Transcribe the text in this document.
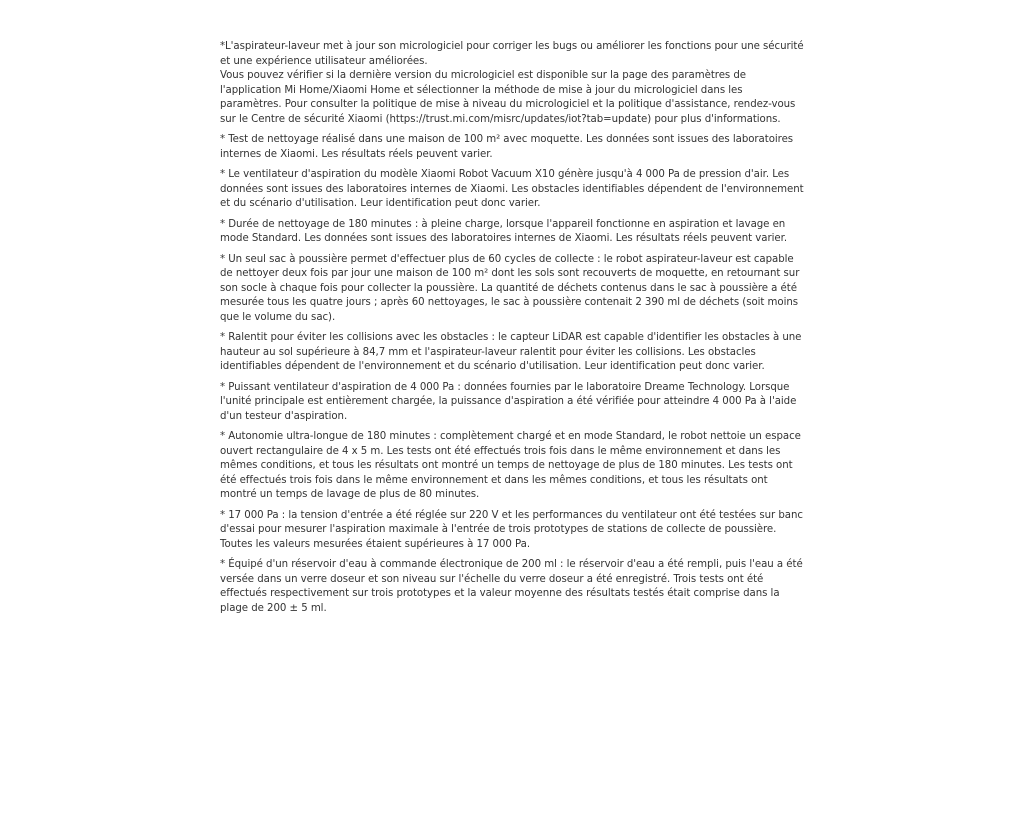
*L'aspirateur-laveur met à jour son micrologiciel pour corriger les bugs ou améliorer les fonctions pour une sécurité et une expérience utilisateur améliorées.
Vous pouvez vérifier si la dernière version du micrologiciel est disponible sur la page des paramètres de l'application Mi Home/Xiaomi Home et sélectionner la méthode de mise à jour du micrologiciel dans les paramètres. Pour consulter la politique de mise à niveau du micrologiciel et la politique d'assistance, rendez-vous sur le Centre de sécurité Xiaomi (https://trust.mi.com/misrc/updates/iot?tab=update) pour plus d'informations.

* Test de nettoyage réalisé dans une maison de 100 m² avec moquette. Les données sont issues des laboratoires internes de Xiaomi. Les résultats réels peuvent varier.

* Le ventilateur d'aspiration du modèle Xiaomi Robot Vacuum X10 génère jusqu'à 4 000 Pa de pression d'air. Les données sont issues des laboratoires internes de Xiaomi. Les obstacles identifiables dépendent de l'environnement et du scénario d'utilisation. Leur identification peut donc varier.

* Durée de nettoyage de 180 minutes : à pleine charge, lorsque l'appareil fonctionne en aspiration et lavage en mode Standard. Les données sont issues des laboratoires internes de Xiaomi. Les résultats réels peuvent varier.

* Un seul sac à poussière permet d'effectuer plus de 60 cycles de collecte : le robot aspirateur-laveur est capable de nettoyer deux fois par jour une maison de 100 m² dont les sols sont recouverts de moquette, en retournant sur son socle à chaque fois pour collecter la poussière. La quantité de déchets contenus dans le sac à poussière a été mesurée tous les quatre jours ; après 60 nettoyages, le sac à poussière contenait 2 390 ml de déchets (soit moins que le volume du sac).

* Ralentit pour éviter les collisions avec les obstacles : le capteur LiDAR est capable d'identifier les obstacles à une hauteur au sol supérieure à 84,7 mm et l'aspirateur-laveur ralentit pour éviter les collisions. Les obstacles identifiables dépendent de l'environnement et du scénario d'utilisation. Leur identification peut donc varier.

* Puissant ventilateur d'aspiration de 4 000 Pa : données fournies par le laboratoire Dreame Technology. Lorsque l'unité principale est entièrement chargée, la puissance d'aspiration a été vérifiée pour atteindre 4 000 Pa à l'aide d'un testeur d'aspiration.

* Autonomie ultra-longue de 180 minutes : complètement chargé et en mode Standard, le robot nettoie un espace ouvert rectangulaire de 4 x 5 m. Les tests ont été effectués trois fois dans le même environnement et dans les mêmes conditions, et tous les résultats ont montré un temps de nettoyage de plus de 180 minutes. Les tests ont été effectués trois fois dans le même environnement et dans les mêmes conditions, et tous les résultats ont montré un temps de lavage de plus de 80 minutes.

* 17 000 Pa : la tension d'entrée a été réglée sur 220 V et les performances du ventilateur ont été testées sur banc d'essai pour mesurer l'aspiration maximale à l'entrée de trois prototypes de stations de collecte de poussière. Toutes les valeurs mesurées étaient supérieures à 17 000 Pa.

* Équipé d'un réservoir d'eau à commande électronique de 200 ml : le réservoir d'eau a été rempli, puis l'eau a été versée dans un verre doseur et son niveau sur l'échelle du verre doseur a été enregistré. Trois tests ont été effectués respectivement sur trois prototypes et la valeur moyenne des résultats testés était comprise dans la plage de 200 ± 5 ml.
